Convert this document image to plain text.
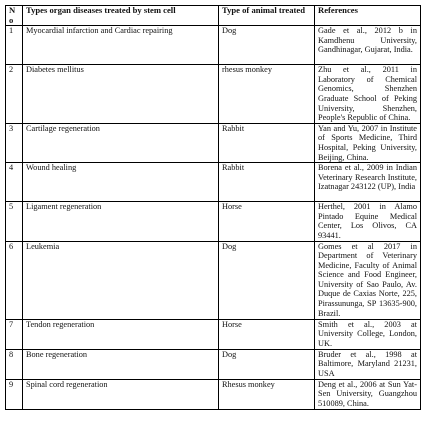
No	Types organ diseases treated by stem cell	Type of animal treated	References
1	Myocardial infarction and Cardiac repairing	Dog	Gade et al., 2012 b in Kamdhenu University, Gandhinagar, Gujarat, India.
2	Diabetes mellitus	rhesus monkey	Zhu et al., 2011 in Laboratory of Chemical Genomics, Shenzhen Graduate School of Peking University, Shenzhen, People's Republic of China.
3	Cartilage regeneration	Rabbit	Yan and Yu, 2007 in Institute of Sports Medicine, Third Hospital, Peking University, Beijing, China.
4	Wound healing	Rabbit	Borena et al., 2009 in Indian Veterinary Research Institute, Izatnagar 243122 (UP), India
5	Ligament regeneration	Horse	Herthel, 2001 in Alamo Pintado Equine Medical Center, Los Olivos, CA 93441.
6	Leukemia	Dog	Gomes et al 2017 in Department of Veterinary Medicine, Faculty of Animal Science and Food Engineer, University of Sao Paulo, Av. Duque de Caxias Norte, 225, Pirassununga, SP 13635-900, Brazil.
7	Tendon regeneration	Horse	Smith et al., 2003 at University College, London, UK.
8	Bone regeneration	Dog	Bruder et al., 1998 at Baltimore, Maryland 21231, USA
9	Spinal cord regeneration	Rhesus monkey	Deng et al., 2006 at Sun Yat-Sen University, Guangzhou 510089, China.
